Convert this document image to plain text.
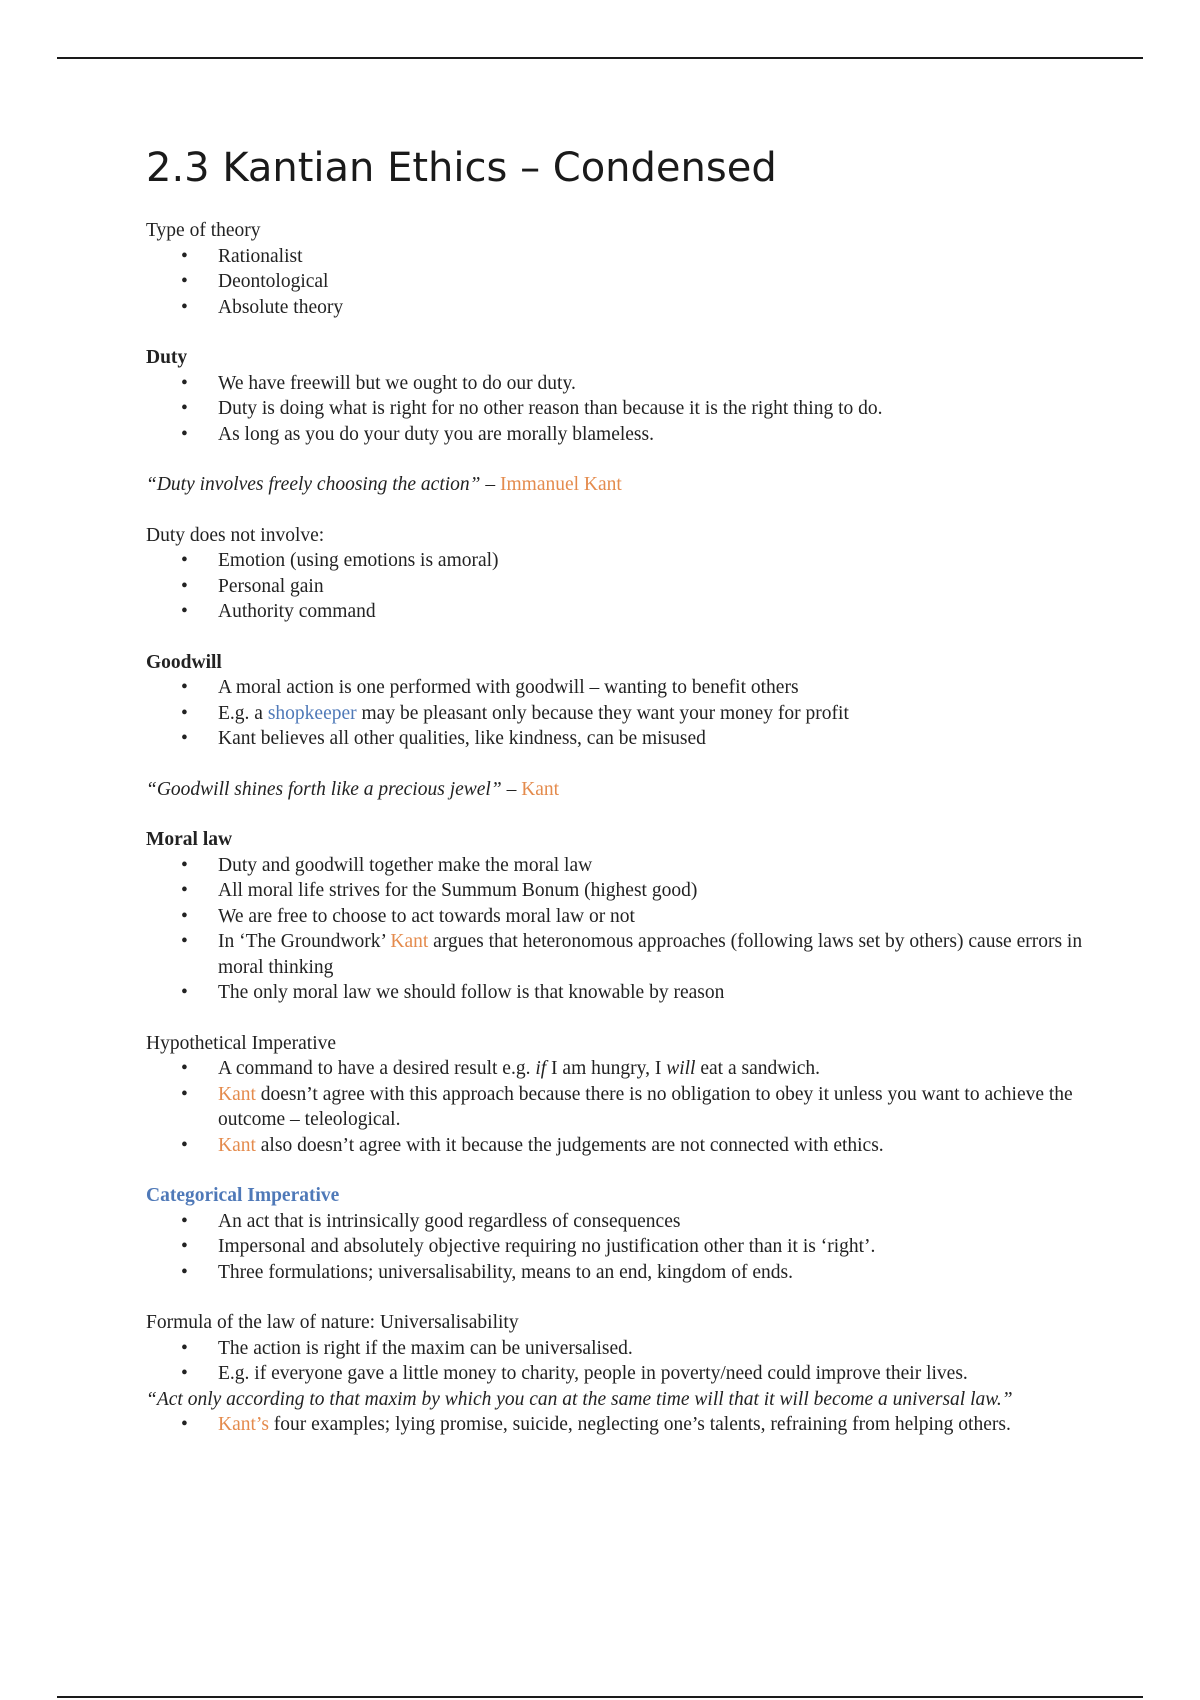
2.3 Kantian Ethics – Condensed

Type of theory

• Rationalist
• Deontological
• Absolute theory

Duty

• We have freewill but we ought to do our duty.
• Duty is doing what is right for no other reason than because it is the right thing to do.
• As long as you do your duty you are morally blameless.

“Duty involves freely choosing the action” – Immanuel Kant

Duty does not involve:

• Emotion (using emotions is amoral)
• Personal gain
• Authority command

Goodwill

• A moral action is one performed with goodwill – wanting to benefit others
• E.g. a shopkeeper may be pleasant only because they want your money for profit
• Kant believes all other qualities, like kindness, can be misused

“Goodwill shines forth like a precious jewel” – Kant

Moral law

• Duty and goodwill together make the moral law
• All moral life strives for the Summum Bonum (highest good)
• We are free to choose to act towards moral law or not
• In ‘The Groundwork’ Kant argues that heteronomous approaches (following laws set by others) cause errors in moral thinking
• The only moral law we should follow is that knowable by reason

Hypothetical Imperative

• A command to have a desired result e.g. if I am hungry, I will eat a sandwich.
• Kant doesn’t agree with this approach because there is no obligation to obey it unless you want to achieve the outcome – teleological.
• Kant also doesn’t agree with it because the judgements are not connected with ethics.

Categorical Imperative

• An act that is intrinsically good regardless of consequences
• Impersonal and absolutely objective requiring no justification other than it is ‘right’.
• Three formulations; universalisability, means to an end, kingdom of ends.

Formula of the law of nature: Universalisability

• The action is right if the maxim can be universalised.
• E.g. if everyone gave a little money to charity, people in poverty/need could improve their lives.

“Act only according to that maxim by which you can at the same time will that it will become a universal law.”

• Kant’s four examples; lying promise, suicide, neglecting one’s talents, refraining from helping others.
